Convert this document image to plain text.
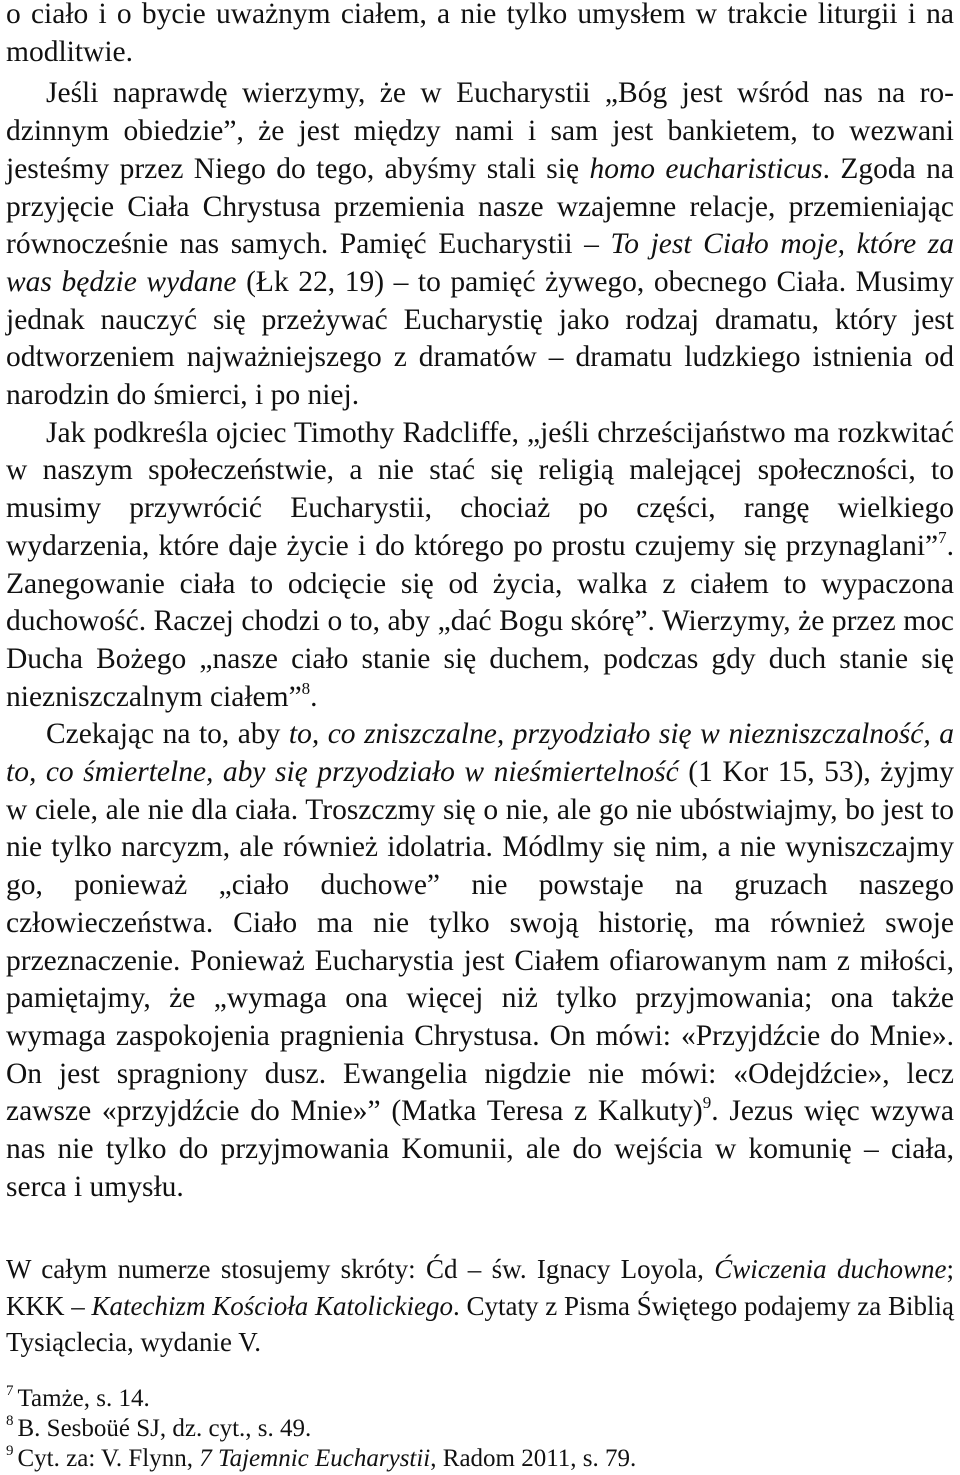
o ciało i o bycie uważnym ciałem, a nie tylko umysłem w trakcie liturgii i na modlitwie.

Jeśli naprawdę wierzymy, że w Eucharystii „Bóg jest wśród nas na rodzinnym obiedzie”, że jest między nami i sam jest bankietem, to wezwani jesteśmy przez Niego do tego, abyśmy stali się homo eucharisticus. Zgoda na przyjęcie Ciała Chrystusa przemienia nasze wzajemne relacje, przemieniając równocześnie nas samych. Pamięć Eucharystii – To jest Ciało moje, które za was będzie wydane (Łk 22, 19) – to pamięć żywego, obecnego Ciała. Musimy jednak nauczyć się przeżywać Eucharystię jako rodzaj dramatu, który jest odtworzeniem najważniejszego z dramatów – dramatu ludzkiego istnienia od narodzin do śmierci, i po niej.

Jak podkreśla ojciec Timothy Radcliffe, „jeśli chrześcijaństwo ma rozkwitać w naszym społeczeństwie, a nie stać się religią malejącej społeczności, to musimy przywrócić Eucharystii, chociaż po części, rangę wielkiego wydarzenia, które daje życie i do którego po prostu czujemy się przynaglani”$^7$. Zanegowanie ciała to odcięcie się od życia, walka z ciałem to wypaczona duchowość. Raczej chodzi o to, aby „dać Bogu skórę”. Wierzymy, że przez moc Ducha Bożego „nasze ciało stanie się duchem, podczas gdy duch stanie się niezniszczalnym ciałem”$^8$.

Czekając na to, aby to, co zniszczalne, przyodziało się w niezniszczalność, a to, co śmiertelne, aby się przyodziało w nieśmiertelność (1 Kor 15, 53), żyjmy w ciele, ale nie dla ciała. Troszczmy się o nie, ale go nie ubóstwiajmy, bo jest to nie tylko narcyzm, ale również idolatria. Módlmy się nim, a nie wyniszczajmy go, ponieważ „ciało duchowe” nie powstaje na gruzach naszego człowieczeństwa. Ciało ma nie tylko swoją historię, ma również swoje przeznaczenie. Ponieważ Eucharystia jest Ciałem ofiarowanym nam z miłości, pamiętajmy, że „wymaga ona więcej niż tylko przyjmowania; ona także wymaga zaspokojenia pragnienia Chrystusa. On mówi: «Przyjdźcie do Mnie». On jest spragniony dusz. Ewangelia nigdzie nie mówi: «Odejdźcie», lecz zawsze «przyjdźcie do Mnie»” (Matka Teresa z Kalkuty)$^9$. Jezus więc wzywa nas nie tylko do przyjmowania Komunii, ale do wejścia w komunię – ciała, serca i umysłu.

W całym numerze stosujemy skróty: Ćd – św. Ignacy Loyola, Ćwiczenia duchowne; KKK – Katechizm Kościoła Katolickiego. Cytaty z Pisma Świętego podajemy za Biblią Tysiąclecia, wydanie V.

$^7$ Tamże, s. 14.

$^8$ B. Sesboüé SJ, dz. cyt., s. 49.

$^9$ Cyt. za: V. Flynn, 7 Tajemnic Eucharystii, Radom 2011, s. 79.
